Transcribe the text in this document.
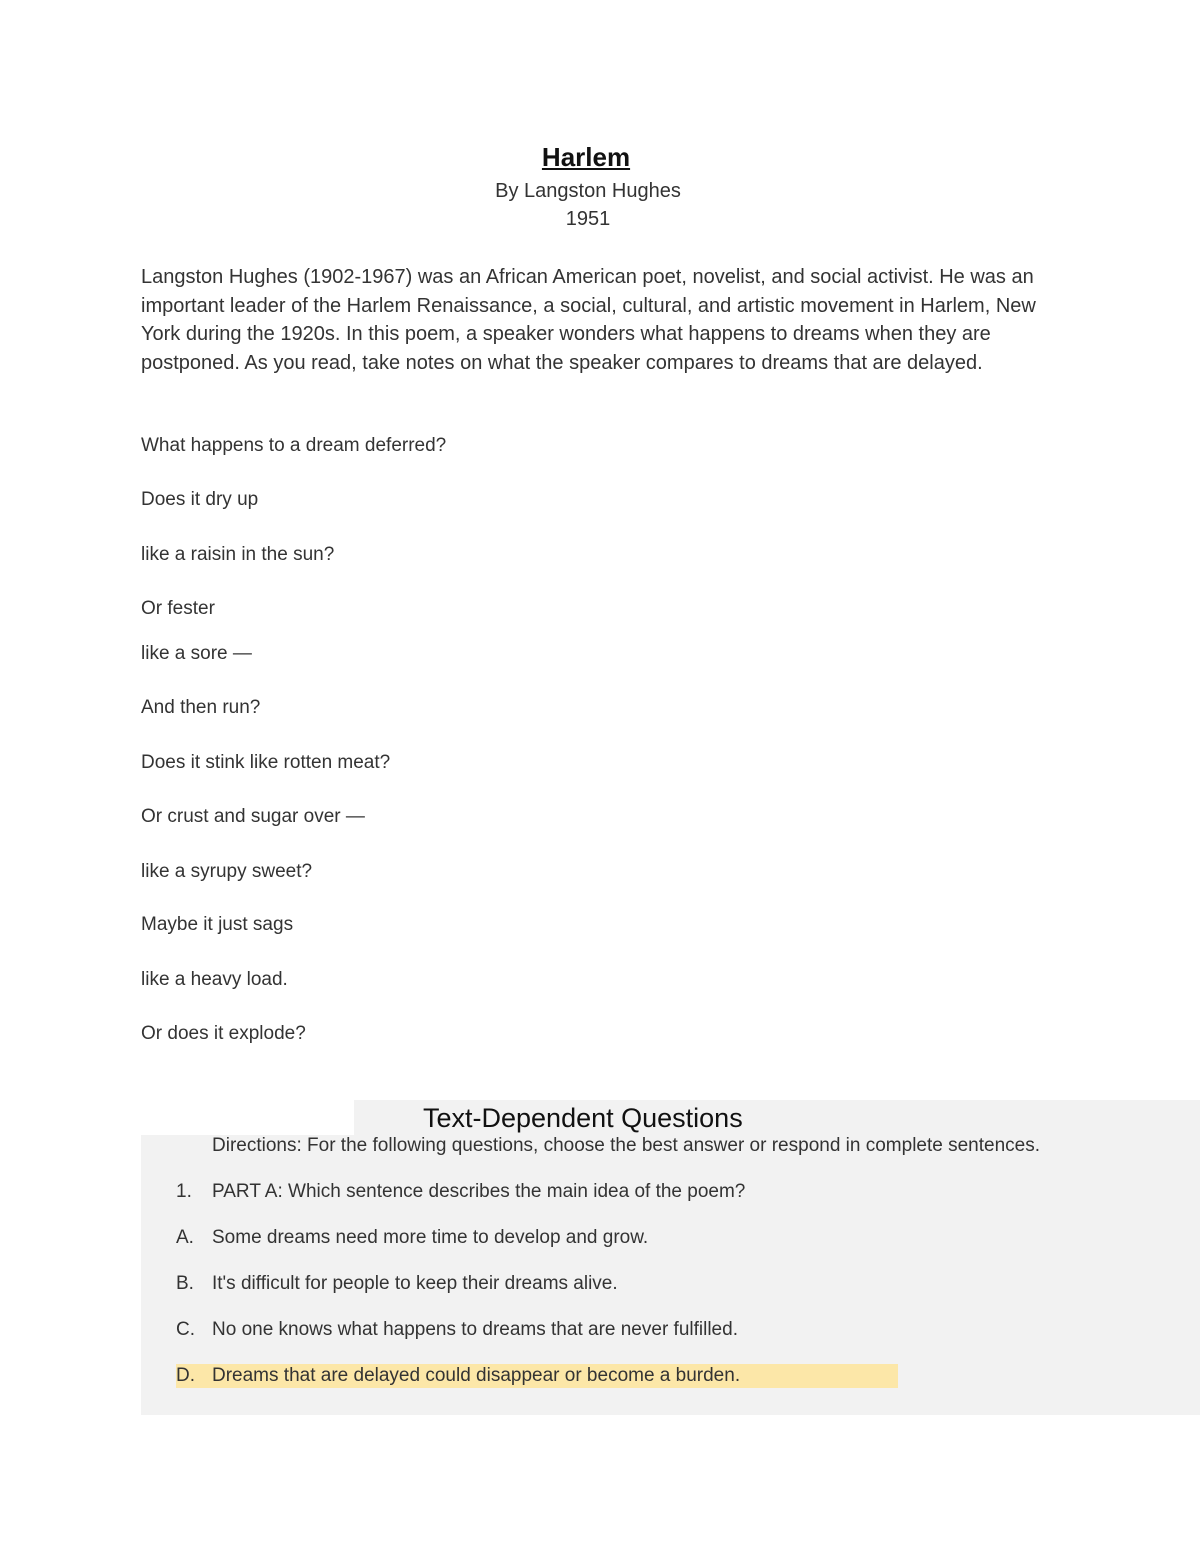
Harlem
By Langston Hughes
1951

Langston Hughes (1902-1967) was an African American poet, novelist, and social activist. He was an important leader of the Harlem Renaissance, a social, cultural, and artistic movement in Harlem, New York during the 1920s. In this poem, a speaker wonders what happens to dreams when they are postponed. As you read, take notes on what the speaker compares to dreams that are delayed.

What happens to a dream deferred?

Does it dry up

like a raisin in the sun?

Or fester

like a sore —

And then run?

Does it stink like rotten meat?

Or crust and sugar over —

like a syrupy sweet?

Maybe it just sags

like a heavy load.

Or does it explode?

Text-Dependent Questions
Directions: For the following questions, choose the best answer or respond in complete sentences.
1. PART A: Which sentence describes the main idea of the poem?
A. Some dreams need more time to develop and grow.
B. It's difficult for people to keep their dreams alive.
C. No one knows what happens to dreams that are never fulfilled.
D. Dreams that are delayed could disappear or become a burden.
